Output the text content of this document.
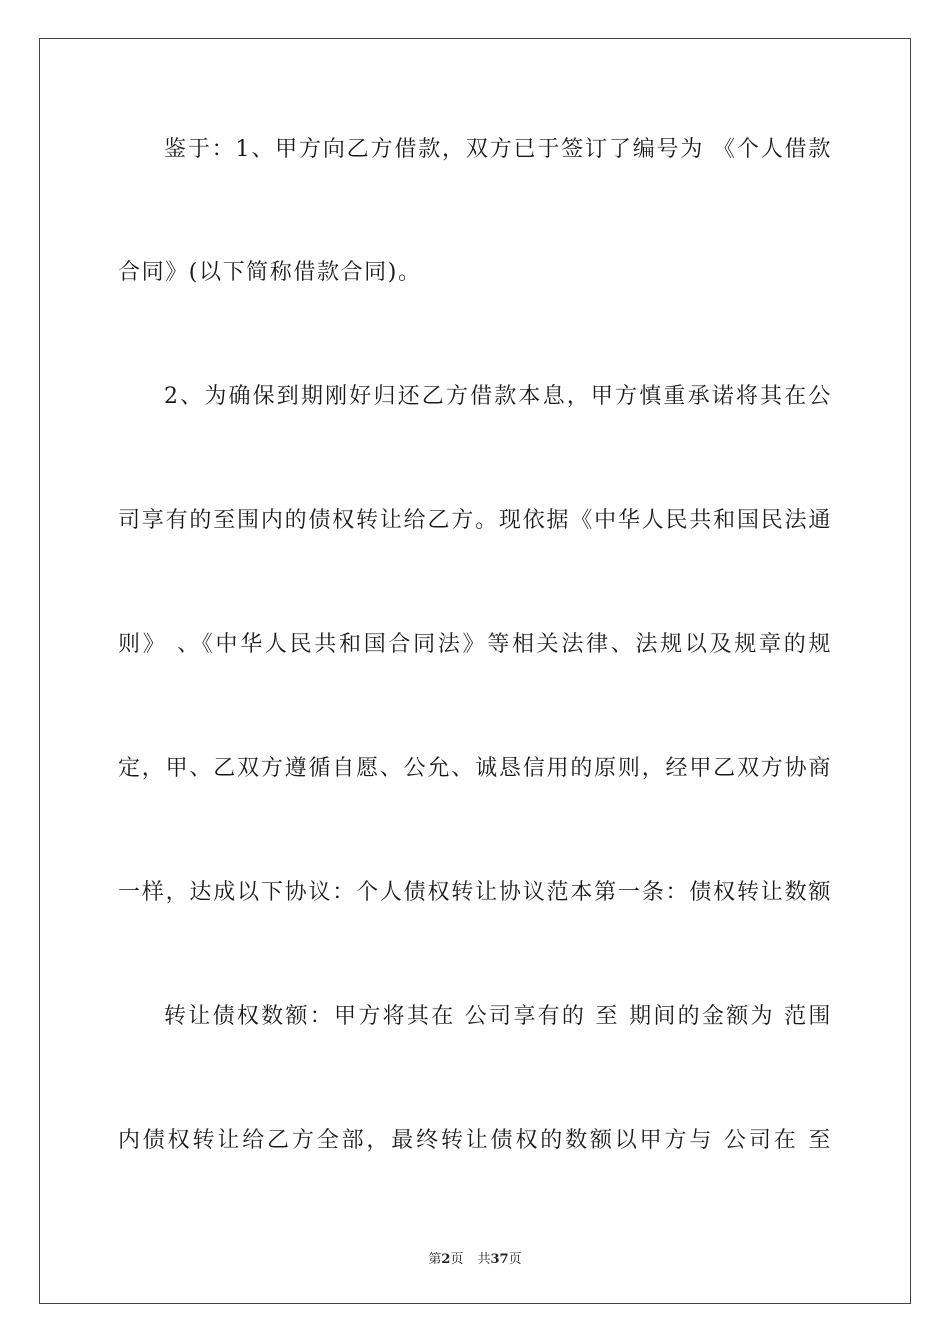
鉴于：1、甲方向乙方借款，双方已于签订了编号为 《个人借款
合同》(以下简称借款合同)。
2、为确保到期刚好归还乙方借款本息，甲方慎重承诺将其在公
司享有的至围内的债权转让给乙方。现依据《中华人民共和国民法通
则》 、《中华人民共和国合同法》等相关法律、法规以及规章的规
定，甲、乙双方遵循自愿、公允、诚恳信用的原则，经甲乙双方协商
一样，达成以下协议：个人债权转让协议范本第一条：债权转让数额
转让债权数额：甲方将其在 公司享有的 至 期间的金额为 范围
内债权转让给乙方全部，最终转让债权的数额以甲方与 公司在 至
第2页 共37页
